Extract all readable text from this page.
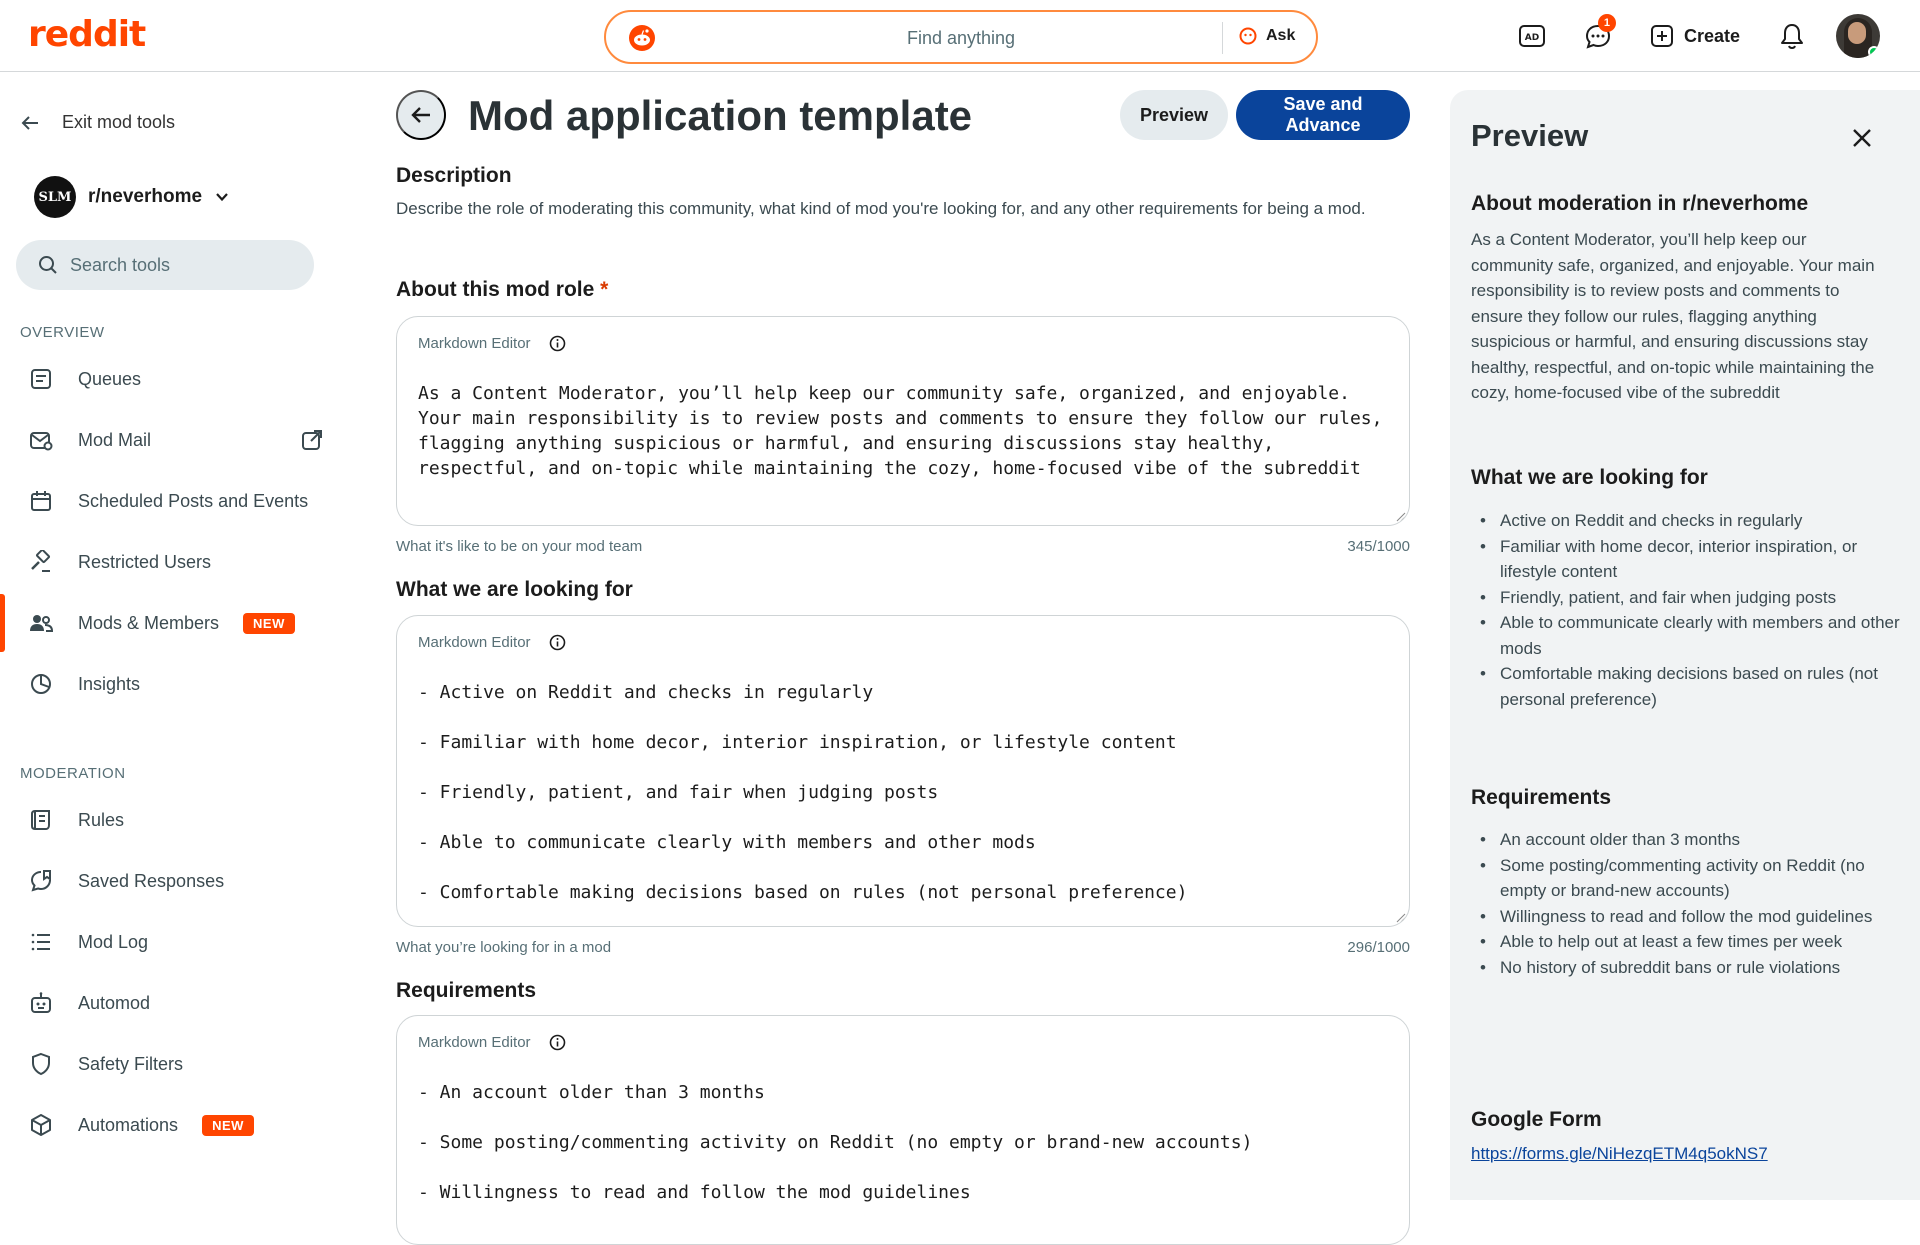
reddit	Find anything	Ask	AD
1
Create
Exit mod tools
SLM r/neverhome
Search tools
OVERVIEW
Queues
Mod Mail
Scheduled Posts and Events
Restricted Users
Mods & Members	NEW
Insights
MODERATION
Rules
Saved Responses
Mod Log
Automod
Safety Filters
Automations	NEW
Mod application template	Preview
Save and Advance
Description
Describe the role of moderating this community, what kind of mod you're looking for, and any other requirements for being a mod.
About this mod role *
Markdown Editor
As a Content Moderator, you’ll help keep our community safe, organized, and enjoyable.
Your main responsibility is to review posts and comments to ensure they follow our rules,
flagging anything suspicious or harmful, and ensuring discussions stay healthy,
respectful, and on-topic while maintaining the cozy, home-focused vibe of the subreddit
What it's like to be on your mod team	345/1000
What we are looking for
Markdown Editor
- Active on Reddit and checks in regularly

- Familiar with home decor, interior inspiration, or lifestyle content

- Friendly, patient, and fair when judging posts

- Able to communicate clearly with members and other mods

- Comfortable making decisions based on rules (not personal preference)
What you’re looking for in a mod	296/1000
Requirements
Markdown Editor
- An account older than 3 months

- Some posting/commenting activity on Reddit (no empty or brand-new accounts)

- Willingness to read and follow the mod guidelines
Preview
About moderation in r/neverhome
As a Content Moderator, you’ll help keep our community safe, organized, and enjoyable. Your main responsibility is to review posts and comments to ensure they follow our rules, flagging anything suspicious or harmful, and ensuring discussions stay healthy, respectful, and on-topic while maintaining the cozy, home-focused vibe of the subreddit
What we are looking for
• Active on Reddit and checks in regularly
• Familiar with home decor, interior inspiration, or lifestyle content
• Friendly, patient, and fair when judging posts
• Able to communicate clearly with members and other mods
• Comfortable making decisions based on rules (not personal preference)
Requirements
• An account older than 3 months
• Some posting/commenting activity on Reddit (no empty or brand-new accounts)
• Willingness to read and follow the mod guidelines
• Able to help out at least a few times per week
• No history of subreddit bans or rule violations
Google Form
https://forms.gle/NiHezqETM4q5okNS7
